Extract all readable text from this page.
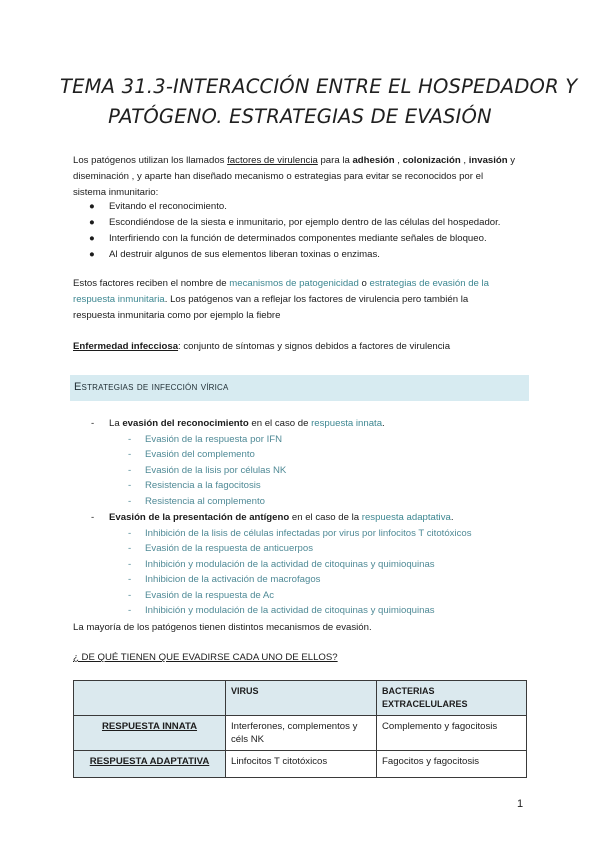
TEMA 31.3-INTERACCIÓN ENTRE EL HOSPEDADOR Y
PATÓGENO. ESTRATEGIAS DE EVASIÓN
Los patógenos utilizan los llamados factores de virulencia para la adhesión , colonización , invasión y
diseminación , y aparte han diseñado mecanismo o estrategias para evitar se reconocidos por el
sistema inmunitario:
● Evitando el reconocimiento.
● Escondiéndose de la siesta e inmunitario, por ejemplo dentro de las células del hospedador.
● Interfiriendo con la función de determinados componentes mediante señales de bloqueo.
● Al destruir algunos de sus elementos liberan toxinas o enzimas.
Estos factores reciben el nombre de mecanismos de patogenicidad o estrategias de evasión de la
respuesta inmunitaria. Los patógenos van a reflejar los factores de virulencia pero también la
respuesta inmunitaria como por ejemplo la fiebre
Enfermedad infecciosa: conjunto de síntomas y signos debidos a factores de virulencia
Estrategias de infección vírica
- La evasión del reconocimiento en el caso de respuesta innata.
- Evasión de la respuesta por IFN
- Evasión del complemento
- Evasión de la lisis por células NK
- Resistencia a la fagocitosis
- Resistencia al complemento
- Evasión de la presentación de antígeno en el caso de la respuesta adaptativa.
- Inhibición de la lisis de células infectadas por virus por linfocitos T citotóxicos
- Evasión de la respuesta de anticuerpos
- Inhibición y modulación de la actividad de citoquinas y quimioquinas
- Inhibicion de la activación de macrofagos
- Evasión de la respuesta de Ac
- Inhibición y modulación de la actividad de citoquinas y quimioquinas
La mayoría de los patógenos tienen distintos mecanismos de evasión.
¿ DE QUÉ TIENEN QUE EVADIRSE CADA UNO DE ELLOS?
	VIRUS	BACTERIAS EXTRACELULARES
RESPUESTA INNATA	Interferones, complementos y céls NK	Complemento y fagocitosis
RESPUESTA ADAPTATIVA	Linfocitos T citotóxicos	Fagocitos y fagocitosis
1
